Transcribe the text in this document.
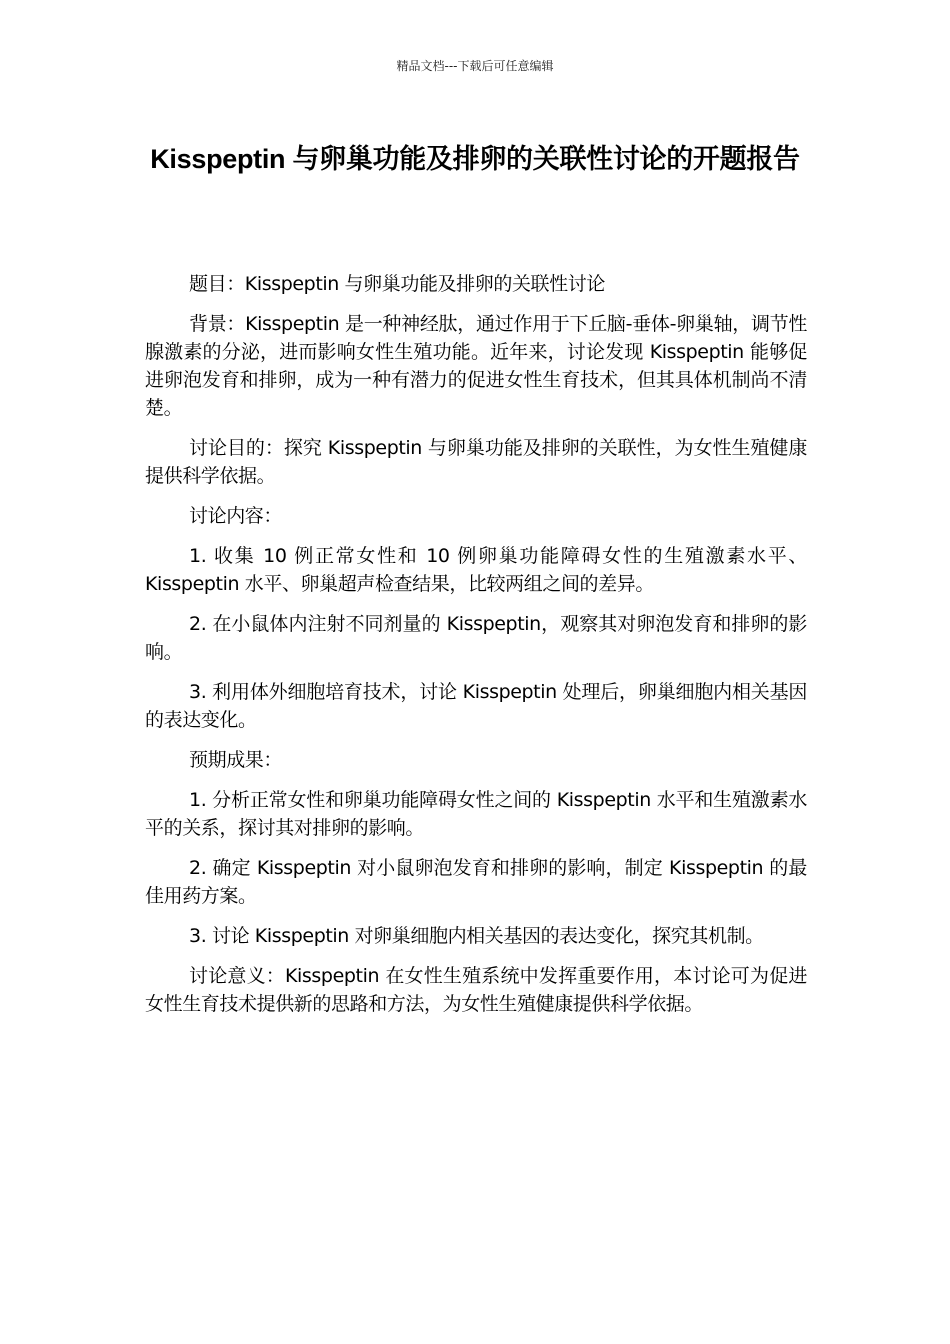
精品文档---下载后可任意编辑
Kisspeptin 与卵巢功能及排卵的关联性讨论的开题报告

题目：Kisspeptin 与卵巢功能及排卵的关联性讨论

背景：Kisspeptin 是一种神经肽，通过作用于下丘脑-垂体-卵巢轴，调节性腺激素的分泌，进而影响女性生殖功能。近年来，讨论发现 Kisspeptin 能够促进卵泡发育和排卵，成为一种有潜力的促进女性生育技术，但其具体机制尚不清楚。

讨论目的：探究 Kisspeptin 与卵巢功能及排卵的关联性，为女性生殖健康提供科学依据。

讨论内容：

1. 收集 10 例正常女性和 10 例卵巢功能障碍女性的生殖激素水平、Kisspeptin 水平、卵巢超声检查结果，比较两组之间的差异。

2. 在小鼠体内注射不同剂量的 Kisspeptin，观察其对卵泡发育和排卵的影响。

3. 利用体外细胞培育技术，讨论 Kisspeptin 处理后，卵巢细胞内相关基因的表达变化。

预期成果：

1. 分析正常女性和卵巢功能障碍女性之间的 Kisspeptin 水平和生殖激素水平的关系，探讨其对排卵的影响。

2. 确定 Kisspeptin 对小鼠卵泡发育和排卵的影响，制定 Kisspeptin 的最佳用药方案。

3. 讨论 Kisspeptin 对卵巢细胞内相关基因的表达变化，探究其机制。

讨论意义：Kisspeptin 在女性生殖系统中发挥重要作用，本讨论可为促进女性生育技术提供新的思路和方法，为女性生殖健康提供科学依据。
